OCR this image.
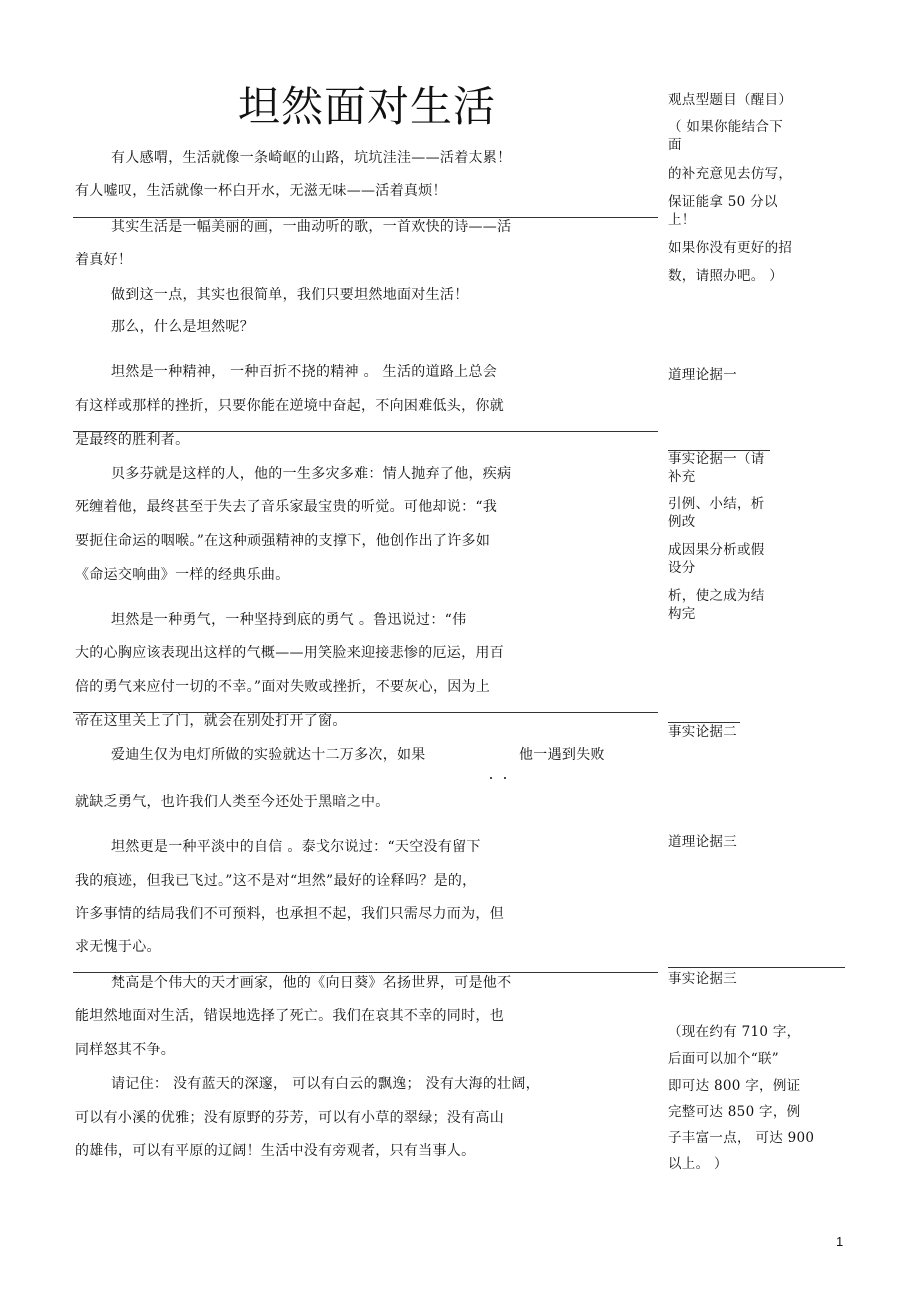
坦然面对生活
1
有人感喟，生活就像一条崎岖的山路，坑坑洼洼——活着太累！
有人嘘叹，生活就像一杯白开水，无滋无味——活着真烦！
其实生活是一幅美丽的画，一曲动听的歌，一首欢快的诗——活
着真好！
做到这一点，其实也很简单，我们只要坦然地面对生活！
那么，什么是坦然呢？
坦然是一种精神， 一种百折不挠的精神 。 生活的道路上总会
有这样或那样的挫折，只要你能在逆境中奋起，不向困难低头，你就
是最终的胜利者。
贝多芬就是这样的人，他的一生多灾多难：情人抛弃了他，疾病
死缠着他，最终甚至于失去了音乐家最宝贵的听觉。可他却说：“我
要扼住命运的咽喉。”在这种顽强精神的支撑下，他创作出了许多如
《命运交响曲》一样的经典乐曲。
坦然是一种勇气，一种坚持到底的勇气 。鲁迅说过：“伟
大的心胸应该表现出这样的气概——用笑脸来迎接悲惨的厄运，用百
倍的勇气来应付一切的不幸。”面对失败或挫折，不要灰心，因为上
帝在这里关上了门，就会在别处打开了窗。
爱迪生仅为电灯所做的实验就达十二万多次，如果	他一遇到失败
就缺乏勇气，也许我们人类至今还处于黑暗之中。
坦然更是一种平淡中的自信 。泰戈尔说过：“天空没有留下
我的痕迹，但我已飞过。”这不是对“坦然”最好的诠释吗？是的，
许多事情的结局我们不可预料，也承担不起，我们只需尽力而为，但
求无愧于心。
梵高是个伟大的天才画家，他的《向日葵》名扬世界，可是他不
能坦然地面对生活，错误地选择了死亡。我们在哀其不幸的同时，也
同样怒其不争。
请记住： 没有蓝天的深邃， 可以有白云的飘逸； 没有大海的壮阔，
可以有小溪的优雅；没有原野的芬芳，可以有小草的翠绿；没有高山
的雄伟，可以有平原的辽阔！生活中没有旁观者，只有当事人。
观点型题目（醒目）
（ 如果你能结合下
面
的补充意见去仿写，
保证能拿 50 分以
上！
如果你没有更好的招
数，请照办吧。 ）
道理论据一
事实论据一（请
补充
引例、小结，析
例改
成因果分析或假
设分
析，使之成为结
构完
事实论据二
道理论据三
事实论据三
（现在约有 710 字，
后面可以加个“联”
即可达 800 字，例证
完整可达 850 字，例
子丰富一点， 可达 900
以上。 ）
